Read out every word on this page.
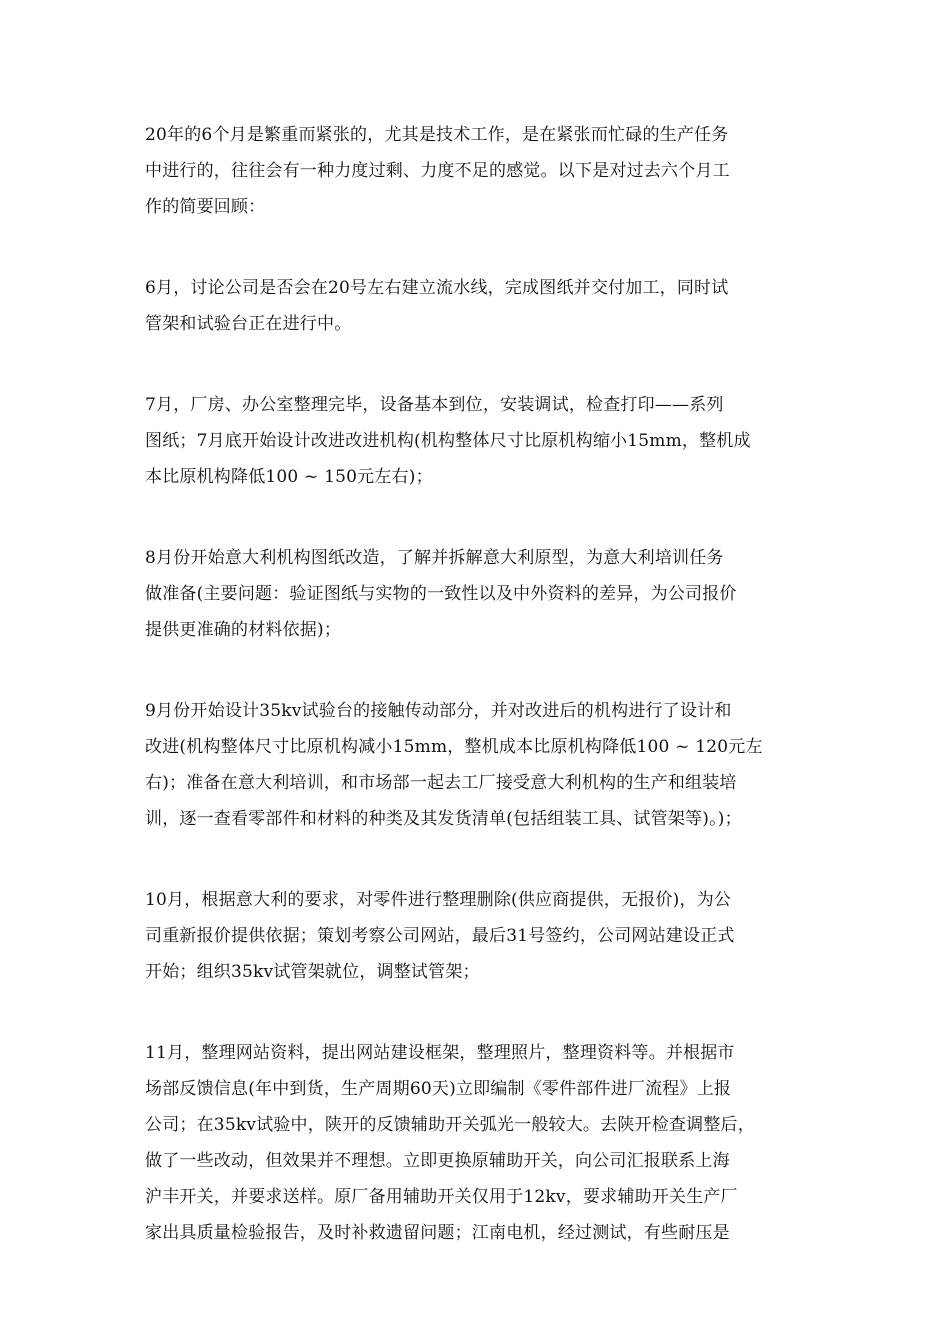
20年的6个月是繁重而紧张的，尤其是技术工作，是在紧张而忙碌的生产任务
中进行的，往往会有一种力度过剩、力度不足的感觉。以下是对过去六个月工
作的简要回顾：

6月，讨论公司是否会在20号左右建立流水线，完成图纸并交付加工，同时试
管架和试验台正在进行中。

7月，厂房、办公室整理完毕，设备基本到位，安装调试，检查打印——系列
图纸；7月底开始设计改进改进机构(机构整体尺寸比原机构缩小15mm，整机成
本比原机构降低100 ~ 150元左右)；

8月份开始意大利机构图纸改造，了解并拆解意大利原型，为意大利培训任务
做准备(主要问题：验证图纸与实物的一致性以及中外资料的差异，为公司报价
提供更准确的材料依据)；

9月份开始设计35kv试验台的接触传动部分，并对改进后的机构进行了设计和
改进(机构整体尺寸比原机构减小15mm，整机成本比原机构降低100 ~ 120元左
右)；准备在意大利培训，和市场部一起去工厂接受意大利机构的生产和组装培
训，逐一查看零部件和材料的种类及其发货清单(包括组装工具、试管架等)。)；

10月，根据意大利的要求，对零件进行整理删除(供应商提供，无报价)，为公
司重新报价提供依据；策划考察公司网站，最后31号签约，公司网站建设正式
开始；组织35kv试管架就位，调整试管架；

11月，整理网站资料，提出网站建设框架，整理照片，整理资料等。并根据市
场部反馈信息(年中到货，生产周期60天)立即编制《零件部件进厂流程》上报
公司；在35kv试验中，陕开的反馈辅助开关弧光一般较大。去陕开检查调整后，
做了一些改动，但效果并不理想。立即更换原辅助开关，向公司汇报联系上海
沪丰开关，并要求送样。原厂备用辅助开关仅用于12kv，要求辅助开关生产厂
家出具质量检验报告，及时补救遗留问题；江南电机，经过测试，有些耐压是
